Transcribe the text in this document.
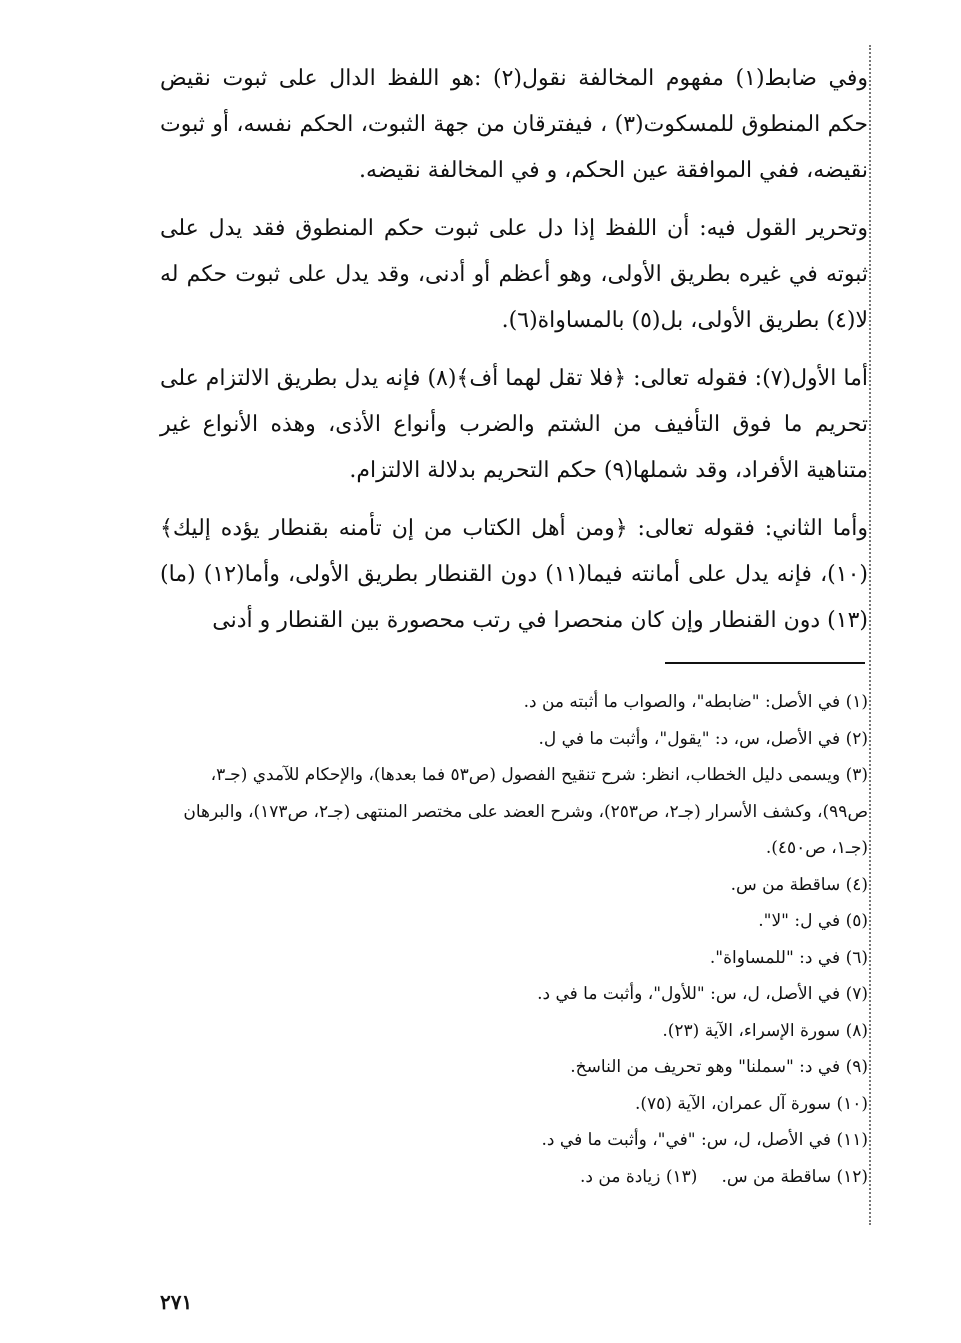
وفي ضابط(١) مفهوم المخالفة نقول(٢) :هو اللفظ الدال على ثبوت نقيض حكم المنطوق للمسكوت(٣) ، فيفترقان من جهة الثبوت، الحكم نفسه، أو ثبوت نقيضه، ففي الموافقة عين الحكم، و في المخالفة نقيضه.

وتحرير القول فيه: أن اللفظ إذا دل على ثبوت حكم المنطوق فقد يدل على ثبوته في غيره بطريق الأولى، وهو أعظم أو أدنى، وقد يدل على ثبوت حكم له لا(٤) بطريق الأولى، بل(٥) بالمساواة(٦).

أما الأول(٧): فقوله تعالى: ﴿فلا تقل لهما أف﴾(٨) فإنه يدل بطريق الالتزام على تحريم ما فوق التأفيف من الشتم والضرب وأنواع الأذى، وهذه الأنواع غير متناهية الأفراد، وقد شملها(٩) حكم التحريم بدلالة الالتزام.

وأما الثاني: فقوله تعالى: ﴿ومن أهل الكتاب من إن تأمنه بقنطار يؤده إليك﴾(١٠)، فإنه يدل على أمانته فيما(١١) دون القنطار بطريق الأولى، وأما(١٢) (ما)(١٣) دون القنطار وإن كان منحصرا في رتب محصورة بين القنطار و أدنى

(١) في الأصل: "ضابطه"، والصواب ما أثبته من د.

(٢) في الأصل، س، د: "يقول"، وأثبت ما في ل.

(٣) ويسمى دليل الخطاب، انظر: شرح تنقيح الفصول (ص٥٣ فما بعدها)، والإحكام للآمدي (جـ٣، ص٩٩)، وكشف الأسرار (جـ٢، ص٢٥٣)، وشرح العضد على مختصر المنتهى (جـ٢، ص١٧٣)، والبرهان (جـ١، ص٤٥٠).

(٤) ساقطة من س.

(٥) في ل: "لا".

(٦) في د: "للمساواة".

(٧) في الأصل، ل، س: "للأول"، وأثبت ما في د.

(٨) سورة الإسراء، الآية (٢٣).

(٩) في د: "سملنا" وهو تحريف من الناسخ.

(١٠) سورة آل عمران، الآية (٧٥).

(١١) في الأصل، ل، س: "في"، وأثبت ما في د.

(١٢) ساقطة من س.
(١٣) زيادة من د.
٢٧١
